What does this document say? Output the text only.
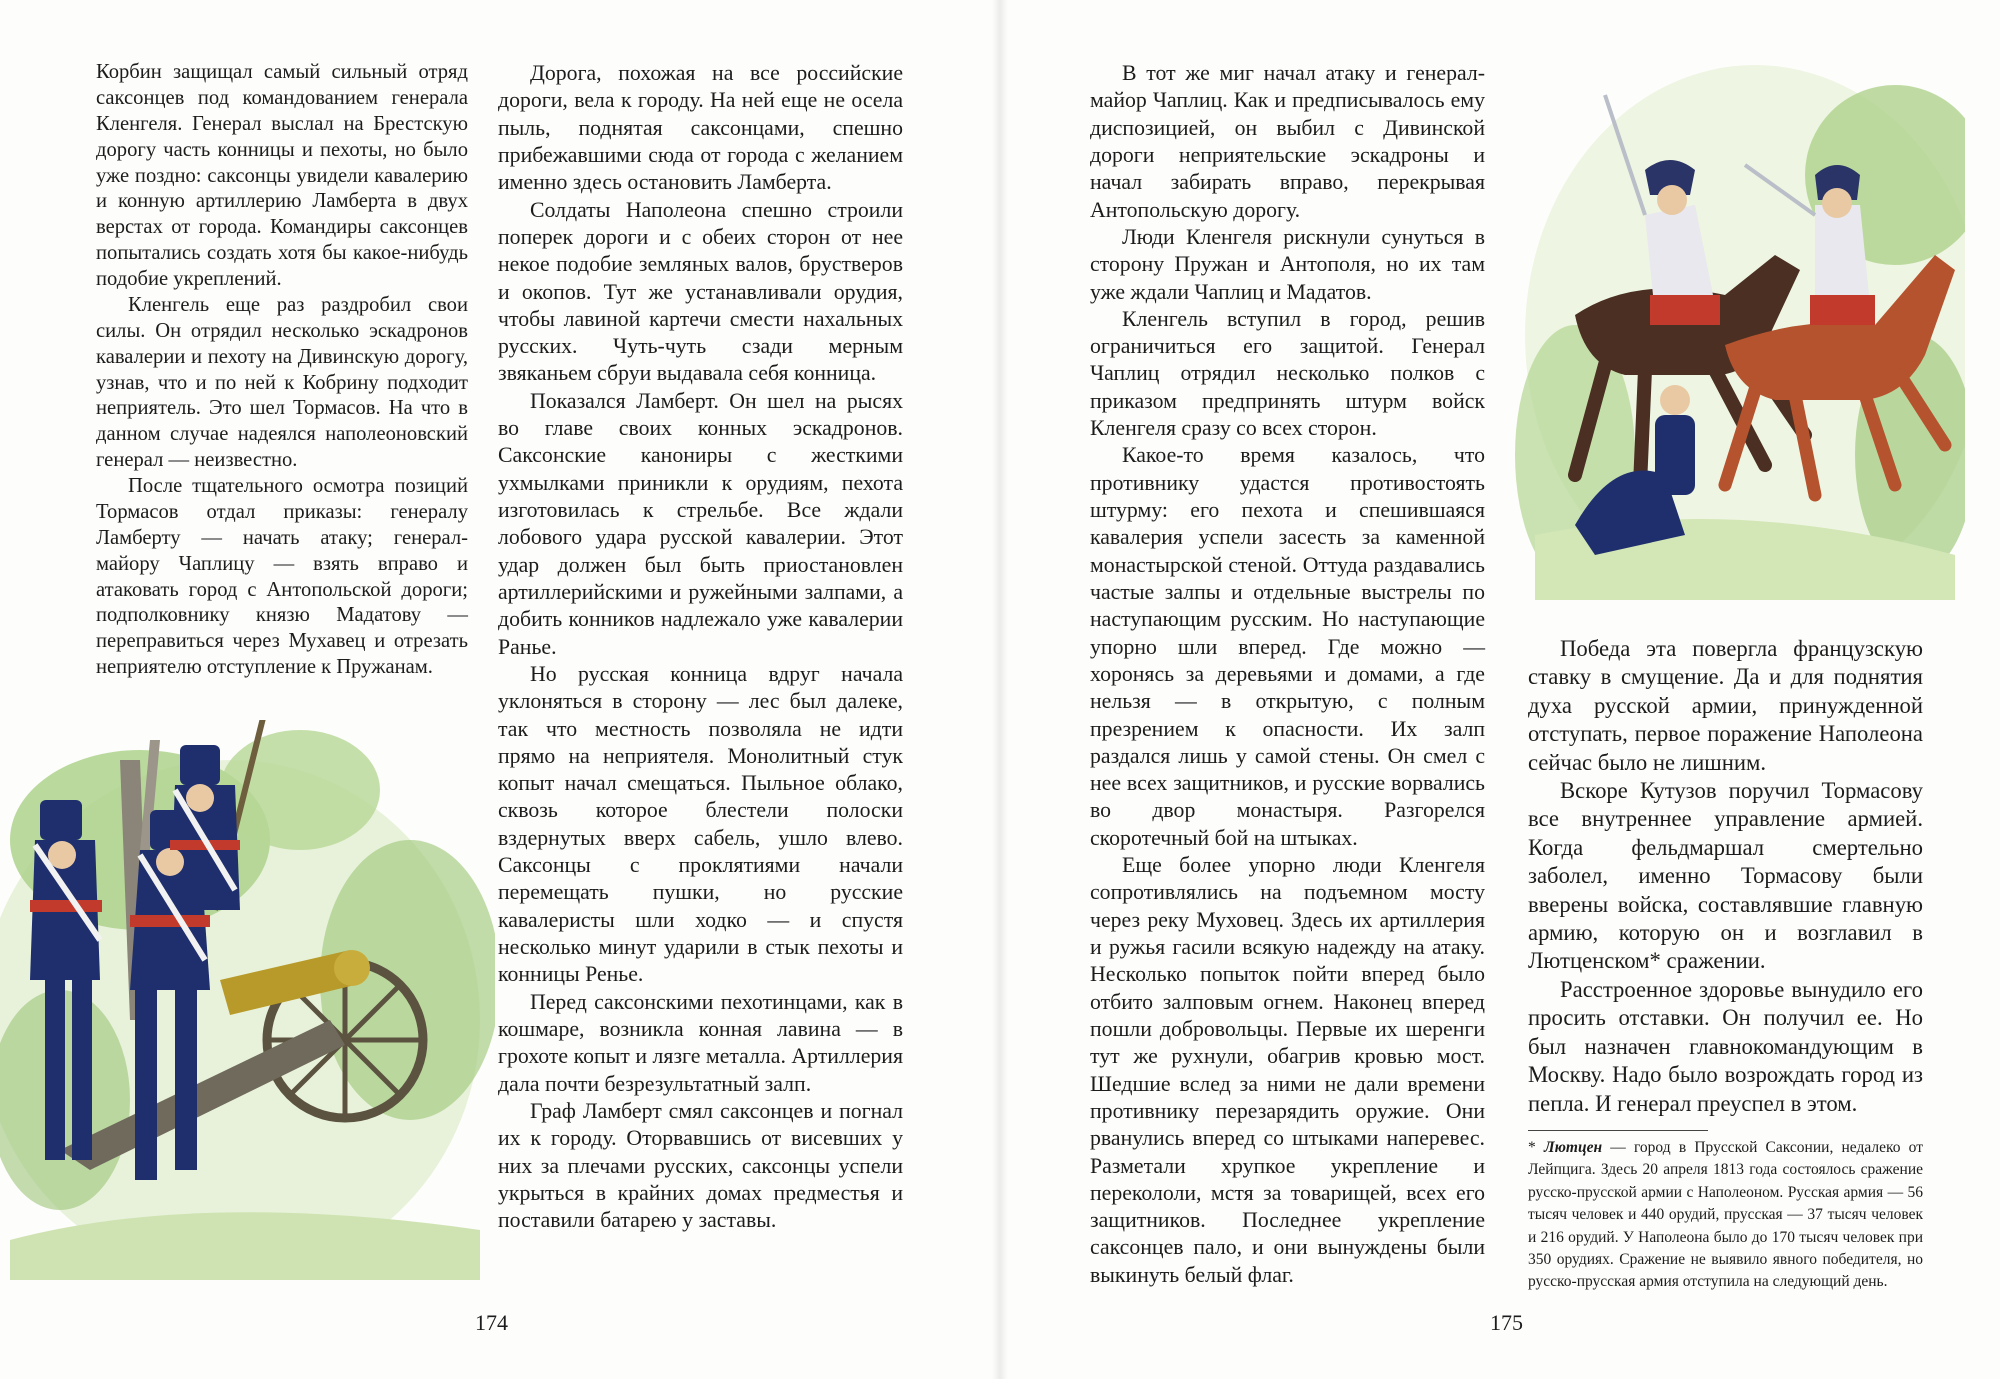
Корбин защищал самый сильный отряд саксонцев под командованием генерала Кленгеля. Генерал выслал на Брестскую дорогу часть конницы и пехоты, но было уже поздно: саксонцы увидели кавалерию и конную артиллерию Ламберта в двух верстах от города. Командиры саксонцев попытались создать хотя бы какое-нибудь подобие укреплений.

Кленгель еще раз раздробил свои силы. Он отрядил несколько эскадронов кавалерии и пехоту на Дивинскую дорогу, узнав, что и по ней к Кобрину подходит неприятель. Это шел Тормасов. На что в данном случае надеялся наполеоновский генерал — неизвестно.

После тщательного осмотра позиций Тормасов отдал приказы: генералу Ламберту — начать атаку; генерал-майору Чаплицу — взять вправо и атаковать город с Антопольской дороги; подполковнику князю Мадатову — переправиться через Мухавец и отрезать неприятелю отступление к Пружанам.

Дорога, похожая на все российские дороги, вела к городу. На ней еще не осела пыль, поднятая саксонцами, спешно прибежавшими сюда от города с желанием именно здесь остановить Ламберта.

Солдаты Наполеона спешно строили поперек дороги и с обеих сторон от нее некое подобие земляных валов, брустверов и окопов. Тут же устанавливали орудия, чтобы лавиной картечи смести нахальных русских. Чуть-чуть сзади мерным звяканьем сбруи выдавала себя конница.

Показался Ламберт. Он шел на рысях во главе своих конных эскадронов. Саксонские канониры с жесткими ухмылками приникли к орудиям, пехота изготовилась к стрельбе. Все ждали лобового удара русской кавалерии. Этот удар должен был быть приостановлен артиллерийскими и ружейными залпами, а добить конников надлежало уже кавалерии Ранье.

Но русская конница вдруг начала уклоняться в сторону — лес был далеке, так что местность позволяла не идти прямо на неприятеля. Монолитный стук копыт начал смещаться. Пыльное облако, сквозь которое блестели полоски вздернутых вверх сабель, ушло влево. Саксонцы с проклятиями начали перемещать пушки, но русские кавалеристы шли ходко — и спустя несколько минут ударили в стык пехоты и конницы Ренье.

Перед саксонскими пехотинцами, как в кошмаре, возникла конная лавина — в грохоте копыт и лязге металла. Артиллерия дала почти безрезультатный залп.

Граф Ламберт смял саксонцев и погнал их к городу. Оторвавшись от висевших у них за плечами русских, саксонцы успели укрыться в крайних домах предместья и поставили батарею у заставы.

174

В тот же миг начал атаку и генерал-майор Чаплиц. Как и предписывалось ему диспозицией, он выбил с Дивинской дороги неприятельские эскадроны и начал забирать вправо, перекрывая Антопольскую дорогу.

Люди Кленгеля рискнули сунуться в сторону Пружан и Антополя, но их там уже ждали Чаплиц и Мадатов.

Кленгель вступил в город, решив ограничиться его защитой. Генерал Чаплиц отрядил несколько полков с приказом предпринять штурм войск Кленгеля сразу со всех сторон.

Какое-то время казалось, что противнику удастся противостоять штурму: его пехота и спешившаяся кавалерия успели засесть за каменной монастырской стеной. Оттуда раздавались частые залпы и отдельные выстрелы по наступающим русским. Но наступающие упорно шли вперед. Где можно — хоронясь за деревьями и домами, а где нельзя — в открытую, с полным презрением к опасности. Их залп раздался лишь у самой стены. Он смел с нее всех защитников, и русские ворвались во двор монастыря. Разгорелся скоротечный бой на штыках.

Еще более упорно люди Кленгеля сопротивлялись на подъемном мосту через реку Муховец. Здесь их артиллерия и ружья гасили всякую надежду на атаку. Несколько попыток пойти вперед было отбито залповым огнем. Наконец вперед пошли добровольцы. Первые их шеренги тут же рухнули, обагрив кровью мост. Шедшие вслед за ними не дали времени противнику перезарядить оружие. Они рванулись вперед со штыками наперевес. Разметали хрупкое укрепление и перекололи, мстя за товарищей, всех его защитников. Последнее укрепление саксонцев пало, и они вынуждены были выкинуть белый флаг.

Победа эта повергла французскую ставку в смущение. Да и для поднятия духа русской армии, принужденной отступать, первое поражение Наполеона сейчас было не лишним.

Вскоре Кутузов поручил Тормасову все внутреннее управление армией. Когда фельдмаршал смертельно заболел, именно Тормасову были вверены войска, составлявшие главную армию, которую он и возглавил в Лютценском* сражении.

Расстроенное здоровье вынудило его просить отставки. Он получил ее. Но был назначен главнокомандующим в Москву. Надо было возрождать город из пепла. И генерал преуспел в этом.

* Лютцен — город в Прусской Саксонии, недалеко от Лейпцига. Здесь 20 апреля 1813 года состоялось сражение русско-прусской армии с Наполеоном. Русская армия — 56 тысяч человек и 440 орудий, прусская — 37 тысяч человек и 216 орудий. У Наполеона было до 170 тысяч человек при 350 орудиях. Сражение не выявило явного победителя, но русско-прусская армия отступила на следующий день.
175
